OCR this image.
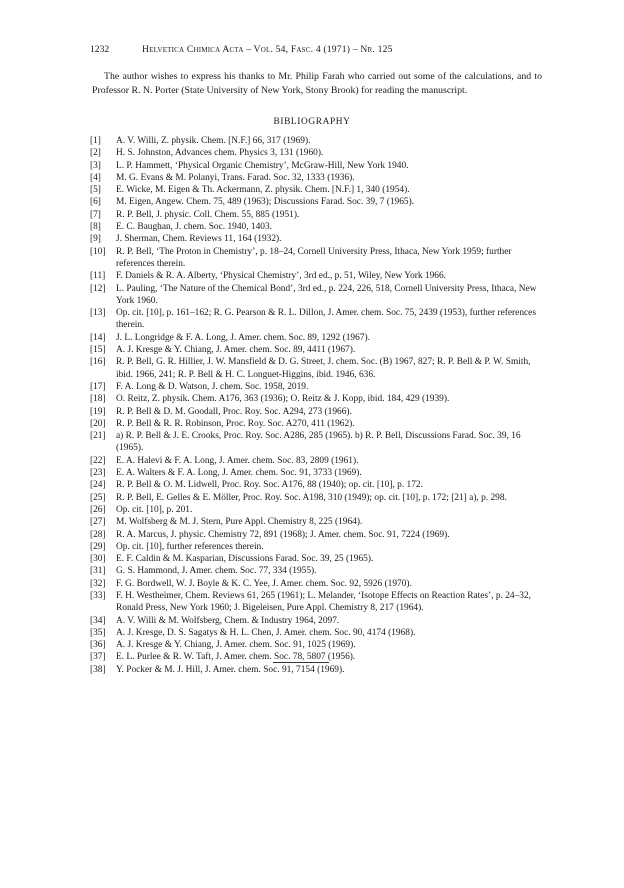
1232	Helvetica Chimica Acta – Vol. 54, Fasc. 4 (1971) – Nr. 125

The author wishes to express his thanks to Mr. Philip Farah who carried out some of the calculations, and to Professor R. N. Porter (State University of New York, Stony Brook) for reading the manuscript.

BIBLIOGRAPHY
[1] A. V. Willi, Z. physik. Chem. [N.F.] 66, 317 (1969).
[2] H. S. Johnston, Advances chem. Physics 3, 131 (1960).
[3] L. P. Hammett, ‘Physical Organic Chemistry’, McGraw-Hill, New York 1940.
[4] M. G. Evans & M. Polanyi, Trans. Farad. Soc. 32, 1333 (1936).
[5] E. Wicke, M. Eigen & Th. Ackermann, Z. physik. Chem. [N.F.] 1, 340 (1954).
[6] M. Eigen, Angew. Chem. 75, 489 (1963); Discussions Farad. Soc. 39, 7 (1965).
[7] R. P. Bell, J. physic. Coll. Chem. 55, 885 (1951).
[8] E. C. Baughan, J. chem. Soc. 1940, 1403.
[9] J. Sherman, Chem. Reviews 11, 164 (1932).
[10] R. P. Bell, ‘The Proton in Chemistry’, p. 18–24, Cornell University Press, Ithaca, New York 1959; further references therein.
[11] F. Daniels & R. A. Alberty, ‘Physical Chemistry’, 3rd ed., p. 51, Wiley, New York 1966.
[12] L. Pauling, ‘The Nature of the Chemical Bond’, 3rd ed., p. 224, 226, 518, Cornell University Press, Ithaca, New York 1960.
[13] Op. cit. [10], p. 161–162; R. G. Pearson & R. L. Dillon, J. Amer. chem. Soc. 75, 2439 (1953), further references therein.
[14] J. L. Longridge & F. A. Long, J. Amer. chem. Soc. 89, 1292 (1967).
[15] A. J. Kresge & Y. Chiang, J. Amer. chem. Soc. 89, 4411 (1967).
[16] R. P. Bell, G. R. Hillier, J. W. Mansfield & D. G. Street, J. chem. Soc. (B) 1967, 827; R. P. Bell & P. W. Smith, ibid. 1966, 241; R. P. Bell & H. C. Longuet-Higgins, ibid. 1946, 636.
[17] F. A. Long & D. Watson, J. chem. Soc. 1958, 2019.
[18] O. Reitz, Z. physik. Chem. A176, 363 (1936); O. Reitz & J. Kopp, ibid. 184, 429 (1939).
[19] R. P. Bell & D. M. Goodall, Proc. Roy. Soc. A294, 273 (1966).
[20] R. P. Bell & R. R. Robinson, Proc. Roy. Soc. A270, 411 (1962).
[21] a) R. P. Bell & J. E. Crooks, Proc. Roy. Soc. A286, 285 (1965). b) R. P. Bell, Discussions Farad. Soc. 39, 16 (1965).
[22] E. A. Halevi & F. A. Long, J. Amer. chem. Soc. 83, 2809 (1961).
[23] E. A. Walters & F. A. Long, J. Amer. chem. Soc. 91, 3733 (1969).
[24] R. P. Bell & O. M. Lidwell, Proc. Roy. Soc. A176, 88 (1940); op. cit. [10], p. 172.
[25] R. P. Bell, E. Gelles & E. Möller, Proc. Roy. Soc. A198, 310 (1949); op. cit. [10], p. 172; [21] a), p. 298.
[26] Op. cit. [10], p. 201.
[27] M. Wolfsberg & M. J. Stern, Pure Appl. Chemistry 8, 225 (1964).
[28] R. A. Marcus, J. physic. Chemistry 72, 891 (1968); J. Amer. chem. Soc. 91, 7224 (1969).
[29] Op. cit. [10], further references therein.
[30] E. F. Caldin & M. Kasparian, Discussions Farad. Soc. 39, 25 (1965).
[31] G. S. Hammond, J. Amer. chem. Soc. 77, 334 (1955).
[32] F. G. Bordwell, W. J. Boyle & K. C. Yee, J. Amer. chem. Soc. 92, 5926 (1970).
[33] F. H. Westheimer, Chem. Reviews 61, 265 (1961); L. Melander, ‘Isotope Effects on Reaction Rates’, p. 24–32, Ronald Press, New York 1960; J. Bigeleisen, Pure Appl. Chemistry 8, 217 (1964).
[34] A. V. Willi & M. Wolfsberg, Chem. & Industry 1964, 2097.
[35] A. J. Kresge, D. S. Sagatys & H. L. Chen, J. Amer. chem. Soc. 90, 4174 (1968).
[36] A. J. Kresge & Y. Chiang, J. Amer. chem. Soc. 91, 1025 (1969).
[37] E. L. Purlee & R. W. Taft, J. Amer. chem. Soc. 78, 5807 (1956).
[38] Y. Pocker & M. J. Hill, J. Amer. chem. Soc. 91, 7154 (1969).
